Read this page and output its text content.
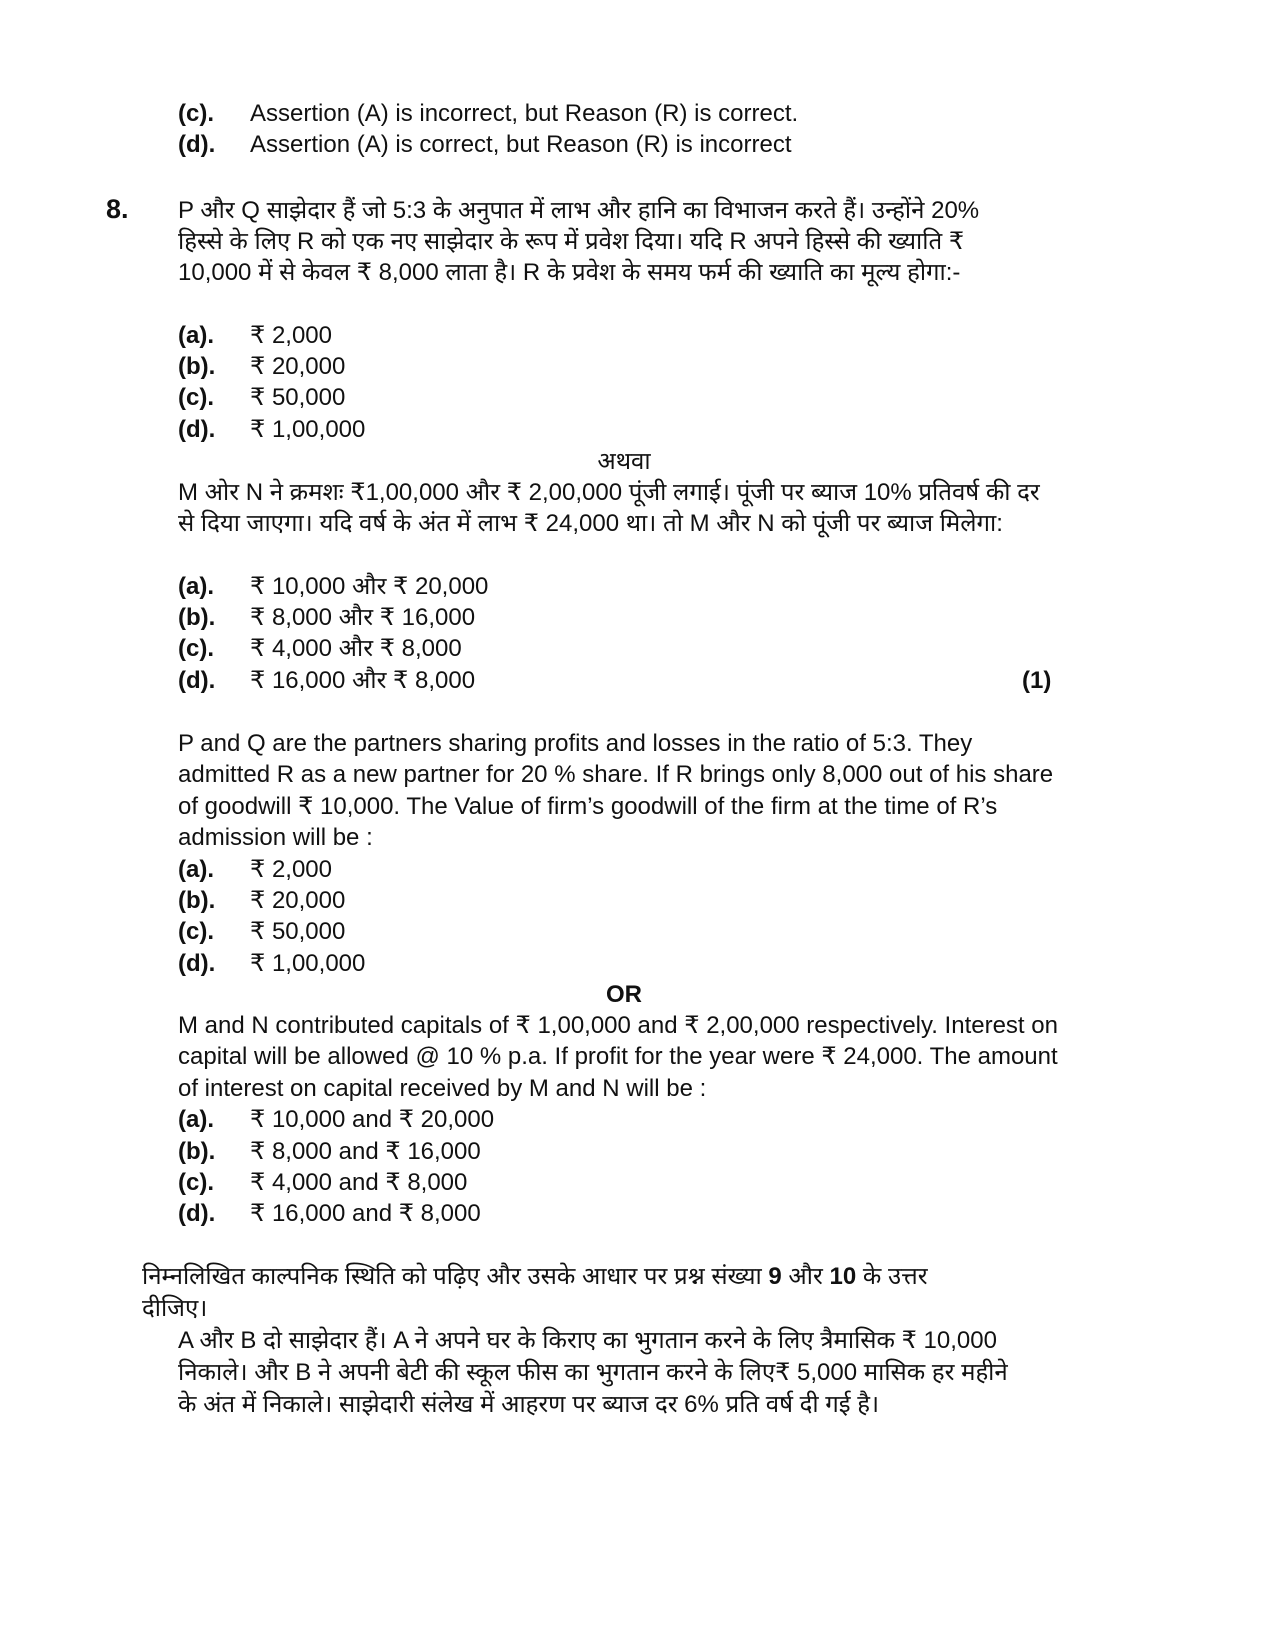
(c). Assertion (A) is incorrect, but Reason (R) is correct.
(d). Assertion (A) is correct, but Reason (R) is incorrect
8. P और Q साझेदार हैं जो 5:3 के अनुपात में लाभ और हानि का विभाजन करते हैं। उन्होंने 20%
हिस्से के लिए R को एक नए साझेदार के रूप में प्रवेश दिया। यदि R अपने हिस्से की ख्याति ₹
10,000 में से केवल ₹ 8,000 लाता है। R के प्रवेश के समय फर्म की ख्याति का मूल्य होगा:-
(a). ₹ 2,000
(b). ₹ 20,000
(c). ₹ 50,000
(d). ₹ 1,00,000
अथवा
M ओर N ने क्रमशः ₹1,00,000 और ₹ 2,00,000 पूंजी लगाई। पूंजी पर ब्याज 10% प्रतिवर्ष की दर
से दिया जाएगा। यदि वर्ष के अंत में लाभ ₹ 24,000 था। तो M और N को पूंजी पर ब्याज मिलेगा:
(a). ₹ 10,000 और ₹ 20,000
(b). ₹ 8,000 और ₹ 16,000
(c). ₹ 4,000 और ₹ 8,000
(d). ₹ 16,000 और ₹ 8,000	(1)
P and Q are the partners sharing profits and losses in the ratio of 5:3. They
admitted R as a new partner for 20 % share. If R brings only 8,000 out of his share
of goodwill ₹ 10,000. The Value of firm’s goodwill of the firm at the time of R’s
admission will be :
(a). ₹ 2,000
(b). ₹ 20,000
(c). ₹ 50,000
(d). ₹ 1,00,000
OR
M and N contributed capitals of ₹ 1,00,000 and ₹ 2,00,000 respectively. Interest on
capital will be allowed @ 10 % p.a. If profit for the year were ₹ 24,000. The amount
of interest on capital received by M and N will be :
(a). ₹ 10,000 and ₹ 20,000
(b). ₹ 8,000 and ₹ 16,000
(c). ₹ 4,000 and ₹ 8,000
(d). ₹ 16,000 and ₹ 8,000
निम्नलिखित काल्पनिक स्थिति को पढ़िए और उसके आधार पर प्रश्न संख्या 9 और 10 के उत्तर
दीजिए।
A और B दो साझेदार हैं। A ने अपने घर के किराए का भुगतान करने के लिए त्रैमासिक ₹ 10,000
निकाले। और B ने अपनी बेटी की स्कूल फीस का भुगतान करने के लिए₹ 5,000 मासिक हर महीने
के अंत में निकाले। साझेदारी संलेख में आहरण पर ब्याज दर 6% प्रति वर्ष दी गई है।
